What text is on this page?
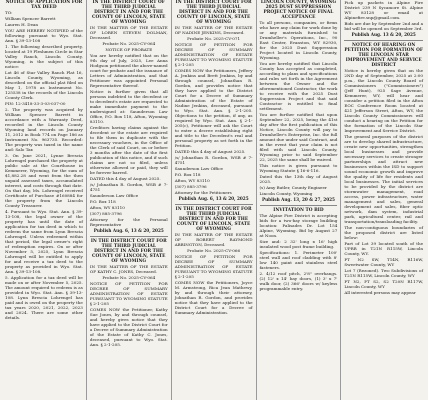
NOTICE OF APPLICATION FOR TAX DEED
TO:
William Spencer Barrett
Lauren H. Dean
YOU ARE HEREBY NOTIFIED of the following: pursuant to Wyo. Stat. Ann. § 39-13-108
1. The following described property, located at 19 Fleshmen Circle in Star Valley Ranch, Lincoln County, Wyoming, is the subject of this notice:
Lot 46 of Star Valley Ranch Plat 16, Lincoln County, Wyoming, as described on the official plat filed on May 1, 1978 as Instrument No. 125538 in the records of the Lincoln County Clerk.
PIN: 12-3418-33-3-03-037-00
2. The property was acquired by William Spencer Barrett in accordance with a Warranty Deed, recorded in the Lincoln County Wyoming land records on January 11, 2012 in Book 774 on Page 186 as Instrument No. 963735. Recorded: The property was taxed in the name and: Salo Tax
3. On June 2021, Lynne Brescia Lohrengel purchased the property at public sale at the Courthouse in Kemmerer, Wyoming, for the sum of $1,882.28 and went from the then unpaid assessed taxes, accumulated interest, and costs through that date. On that day, Ms. Lohrengel received Certificate of Purchase #160884 for the property from the Lincoln County Treasurer.
4. Pursuant to Wyo. Stat. Ann. § 39-13-108, the legal owner of the property has until the date of application for tax deed in which to redeem the same from Lynn Brescia Lohrengel. Unless redeemed within that period, the legal owner's right of redemption expires. On or after November 5, 2025, Lynn Brescia Lohrengel will be entitled to apply for and receive a tax deed to the property as provided in Wyo. Stat. Ann. § 39-13-108.
5. Application for a tax deed will be made on or after November 5, 2025. The amount required to redeem is as provided in Wyo. Stat. Ann. § 39-13-108. Lynn Brescia Lohrengel has paid and is owed on the property the tax years 2020, 2021, 2022, 2023 and 2024. There are some other details.
IN THE DISTRICT COURT OF THE THIRD JUDICIAL DISTRICT IN AND FOR THE COUNTY OF LINCOLN, STATE OF WYOMING
IN THE MATTER OF THE ESTATE OF LOREN STEVEN DOLMAN, Deceased.
Probate No. 2025-CV-064
NOTICE OF PROBATE
You are hereby notified that on the 9th day of July, 2025, Lee Anna Hodgson petitioned the above-named court for probate and the issuance of Letters of Administration, and that Petitioner was appointed Personal Representative thereof.
Notice is further given that all persons indebted to the decedent or to decedent's estate are requested to make immediate payment to the undersigned at: Saunderson Law Office, P.O. Box 118, Afton, Wyoming 83110.
Creditors having claims against the decedent or the estate are required to file them in duplicate with the necessary vouchers, in the Office of the Clerk of said Court, on or before 3 months after the date of the first publication of this notice, and if such claims are not so filed, unless otherwise allowed or paid, they will be forever barred.
DATED this 4 day of August 2025.
/s/ Johnathan R. Gordon, WSB # 7-4751
Saunderson Law Office
P.O. Box 118
Afton, WY 83110
(307) 885-3796
Attorney for the Personal Representative
Publish Aug. 6, 13 & 20, 2025
IN THE DISTRICT COURT FOR THE THIRD JUDICIAL DISTRICT IN AND FOR THE COUNTY OF LINCOLN, STATE OF WYOMING
IN THE MATTER OF THE ESTATE OF KATHY C. JONES, Deceased.
Probate No. 2025-CV-064
NOTICE OF PETITION FOR DECREE OF SUMMARY ADMINISTRATION OF ESTATE PURSUANT TO WYOMING STATUTE § 2-1-205
COMES NOW the Petitioner, Kathy Sue Jones, by and through counsel, and hereby gives notice that they have applied to the District Court for a Decree of Summary Administration of the Estate of Kathy C. Jones, deceased, pursuant to Wyo. Stat. Ann. § 2-1-205.
IN THE DISTRICT COURT FOR THE THIRD JUDICIAL DISTRICT IN AND FOR THE COUNTY OF LINCOLN, STATE OF WYOMING
IN THE MATTER OF THE ESTATE OF NADINE JENKINS, Deceased.
Probate No. 2025-CV-071
NOTICE OF PETITION FOR DECREE OF SUMMARY ADMINISTRATION OF ESTATE PURSUANT TO WYOMING STATUTE § 2-1-205
COMES NOW the Petitioners, Jeffery A. Jenkins and Brett Jenkins, by and through counsel, Johnathan R. Gordon, and provides notice that they have applied to the District Court for a Decree of Summary Administration of the Estate of Nadine Jenkins, deceased, pursuant to Wyo. Stat. Ann. § 2-1-205. Objections to the petition, if any, as required by Wyo. Stat. Ann. § 2-1-205(c), Petitioner will ask the Court to enter a decree establishing right and title to the Decedent's real and personal property as set forth in the Petition.
DATED this 4 day of August 2025.
/s/ Johnathan R. Gordon, WSB # 7-4751
Saunderson Law Office
P.O. Box 118
Afton, WY 83110
(307) 885-3796
Attorney for the Petitioners
Publish Aug. 6, 13 & 20, 2025
IN THE DISTRICT COURT FOR THE THIRD JUDICIAL DISTRICT IN AND FOR THE COUNTY OF LINCOLN, STATE OF WYOMING
IN THE MATTER OF THE ESTATE OF ROBERT RAYMOND ABBINGTON, Deceased.
Probate No. 2025-CV-066
NOTICE OF PETITION FOR DECREE OF SUMMARY ADMINISTRATION OF ESTATE PURSUANT TO WYOMING STATUTE § 2-1-205
COMES NOW the Petitioners, Joyce M. Armstrong, Rica Jean Mathewy, by and through their attorney, Johnathan R. Gordon, and provides notice that they have applied to the District Court for a Decree of Summary Administration.
LINCOLN COUNTY, WYOMING 2025 DUST SUPPRESSION PROJECT NOTICE OF FINAL ACCEPTANCE
To all persons, companies, or firms who have any claim for work done by or any materials furnished to Drumheller's Operations, Inc., 90 East Center, Evanston, WY 82930, for the 2025 Dust Suppression Project located in Lincoln County, Wyoming.
You are hereby notified that Lincoln County has accepted as completed, according to plans and specifications and rules set forth in the Agreement between the Owner and the aforementioned Contractor, the work to receive with the 2025 Dust Suppression Project and that said Contractor is entitled to final settlement.
You are further notified that upon September 22, 2025, being the 41st day after the first publication of this Notice, Lincoln County will pay to Drumheller's Enterprise, Inc. the full amount due under said Contract, and in the event that your claim is not filed with said Lincoln County, Wyoming prior to said September 22, 2025 the same shall be waived.
This notice is given pursuant to Wyoming Statute § 16-6-116.
Dated this the 13th day of August 2025.
(s) Amy Butler, County Engineer
Lincoln County, Wyoming
Publish Aug. 13, 20 & 27, 2025
INVITATION TO BID
The Alpine Fire District is accepting bids for a two-bay storage building location: Palisades Dr. Lot 154 Alpine, Wyoming. Bid by August 27 at Noon.
Size and: 2 32' long x 16' high insulated wood post frame building.
Specifications: 1. Perimeter 100' steel wall and roof cladding with 8' low 140 paint and stainless steel fasteners.
2. 4/12 roof pitch, 2'8" overhangs. (2) 12' x 14' bay doors, (1) 3' x 7' walk door, (2) 366' doors w/ keyless programmable entry.
Pick up packets in Alpine Fire District 239 N Sycamore St. Alpine WY 83128 or email at Alpinefire.snp@gmail.com.
Bids are due by September 2nd and a bid will be opened on September 3rd.
Publish Aug. 13 & 20, 2025
NOTICE OF HEARING ON PETITION FOR FORMATION OF THE LINCOLN STAR IMPROVEMENT AND SERVICE DISTRICT
Notice is hereby given that on the 2ND day of September, 2025 at 2:00 p.m., the Lincoln County Board of Commissioners ("Commissioners") (Jeff Hunt), 925 Sage Avenue, Kemmerer, WY, will hear and consider a petition filed in the Afton EOC Conference Room located at 421 Jefferson Street, Afton, WY, the Lincoln County Commissioners will conduct a hearing on the Petition for the formation of the Lincoln Star Improvement and Service District.
The general purposes of the district are to develop shared infrastructure, create new opportunities, strengthen local businesses and provide necessary services to create stronger partnerships and attract new businesses within the ISD to support sound economic growth and improve the quality of life for residents and local businesses. The initial services to be provided by the district are stormwater management, road access, power infrastructure, water management and sales, general development and sales, fiber optic network, dam system, industrial park, agricultural center, rail and transportation/transloading facility.
The non-contiguous boundaries of the proposed district are listed below:
Part of Lot 39 located south of the UPRR in T21N R115W, Lincoln County, WY.
PT N2 SW, T14N, R116W, Sweetwater County, WY
Lot 7 (Rezoned). Two Subdivisions of T21N R115W, Lincoln County, WY
PT N2, PT S2, S2 T20N R117W, Lincoln County, WY
All interested persons may appear
